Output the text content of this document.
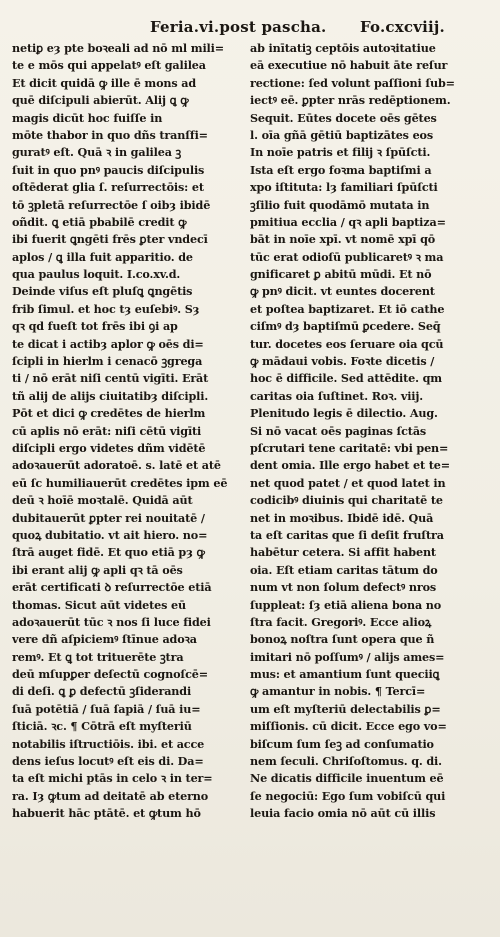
Feria.vi.post pascha. Fo.cxcviij.
netiꝑ eȝ pte boꝛeali ad nō ml mili=
te e mōs qui appelatꝰ eſt galilea
Et dicit quidā ꝙ ille ē mons ad
quē diſcipuli abierūt. Alij ꝗ ꝙ
magis dicūt hoc fuiſſe in
mōte thabor in quo dñs tranſfi=
guratꝰ eſt. Quā ꝛ in galilea ꝫ
ſuit in quo pnꝰ paucis diſcipulis
oſtēderat glia ſ. reſurrectōis: et
tō ꝫpletā reſurrectōe ſ oibȝ ibidē
oñdit. ꝗ etiā pbabilē credit ꝙ
ibi fuerit ꝗngēti frēs ꝑter vndecī
aplos / ꝗ illa fuit apparitio. de
qua paulus loquit. I.co.xv.d.
Deinde viſus eſt pluſꝗ ꝗngētis
frib ſimul. et hoc tȝ euſebiꝰ. Sȝ
qꝛ qd fueſt tot frēs ibi ꝯi ap
te dicat i actibȝ aplor ꝙ oēs di=
ſcipli in hierlm i cenacō ꝫgrega
ti / nō erāt niſi centū vigīti. Erāt
tñ alij de alijs ciuitatibȝ diſcipli.
Pōt et dici ꝙ credētes de hierlm
cū aplis nō erāt: niſi cētū vigīti
diſcipli ergo videtes dñm vidētē
adoꝛauerūt adoratoē. s. latē et atē
eū ſc humiliauerūt credētes ipm eē
deū ꝛ hoīē moꝛtalē. Quidā aūt
dubitauerūt ꝑpter rei nouitatē /
quoꝝ dubitatio. vt ait hiero. no=
ſtrā auget fidē. Et quo etiā pȝ ꝙ
ibi erant alij ꝙ apli qꝛ tā oēs
erāt certificati ꝺ reſurrectōe etiā
thomas. Sicut aūt videtes eū
adoꝛauerūt tūc ꝛ nos ſi luce fidei
vere dñ aſpiciemꝰ ſtīnue adoꝛa
remꝰ. Et ꝗ tot trituerēte ꝫtra
deū mſupꝑer deſectū cognoſcē=
di deſi. ꝗ ꝑ defectū ꝫſiderandi
ſuā potētiā / ſuā ſapiā / ſuā iu=
ſticiā. ꝛc. ¶ Cōtrā eſt myſteriū
notabilis iſtructiōis. ibi. et acce
dens ieſus locutꝰ eſt eis di. Da=
ta eſt michi ptās in celo ꝛ in ter=
ra. Iȝ ꝙtum ad deitatē ab eterno
habuerit hāc ptātē. et ꝙtum hō
ab inītatiꝫ ceptōis autoꝛitatiue
eā executiue nō habuit āte reſur
rectione: ſed volunt paſſioni ſub=
iectꝰ eē. ꝑpter nrās redēptionem.
Sequit. Eūtes docete oēs gētes
l. oīa gñā gētiū baptizātes eos
In noīe patris et filij ꝛ ſpūſcti.
Ista eſt ergo foꝛma baptiſmi a
xpo iſtituta: lȝ familiari ſpūſcti
ꝫſilio fuit quodāmō mutata in
pmitiua ecclia / qꝛ apli baptiza=
bāt in noīe xpī. vt nomē xpī qō
tūc erat odioſū publicaretꝰ ꝛ ma
gnificaret ꝑ abitū mūdi. Et nō
ꝙ pnꝰ dicit. vt euntes docerent
et poſtea baptizaret. Et iō cathe
ciſmꝰ dȝ baptiſmū ꝑcedere. Seq̄
tur. docetes eos ſeruare oia qcū
ꝙ mādaui vobis. Foꝛte dicetis /
hoc ē difficile. Sed attēdite. qm
caritas oia ſuſtinet. Roꝛ. viij.
Plenitudo legis ē dilectio. Aug.
Si nō vacat oēs paginas ſctās
pſcrutari tene caritatē: vbi pen=
dent omia. Ille ergo habet et te=
net quod patet / et quod latet in
codicibꝰ diuinis qui charitatē te
net in moꝛibus. Ibidē idē. Quā
ta eſt caritas que ſi deſit fruſtra
habētur cetera. Si affit habent
oia. Eſt etiam caritas tātum do
num vt non ſolum defectꝰ nros
ſuppleat: ſȝ etiā aliena bona no
ſtra facit. Gregoriꝰ. Ecce alioꝝ
bonoꝝ noſtra ſunt opera que ñ
imitari nō poſſumꝰ / alijs ames=
mus: et amantium ſunt queciiꝗ
ꝙ amantur in nobis. ¶ Tercī=
um eſt myſteriū delectabilis ꝑ=
miſſionis. cū dicit. Ecce ego vo=
biſcum ſum ſeꝫ ad conſumatio
nem ſeculi. Chriſoſtomus. q. di.
Ne dicatis difficile inuentum eē
ſe negociū: Ego ſum vobiſcū qui
leuia facio omia nō aūt cū illis
